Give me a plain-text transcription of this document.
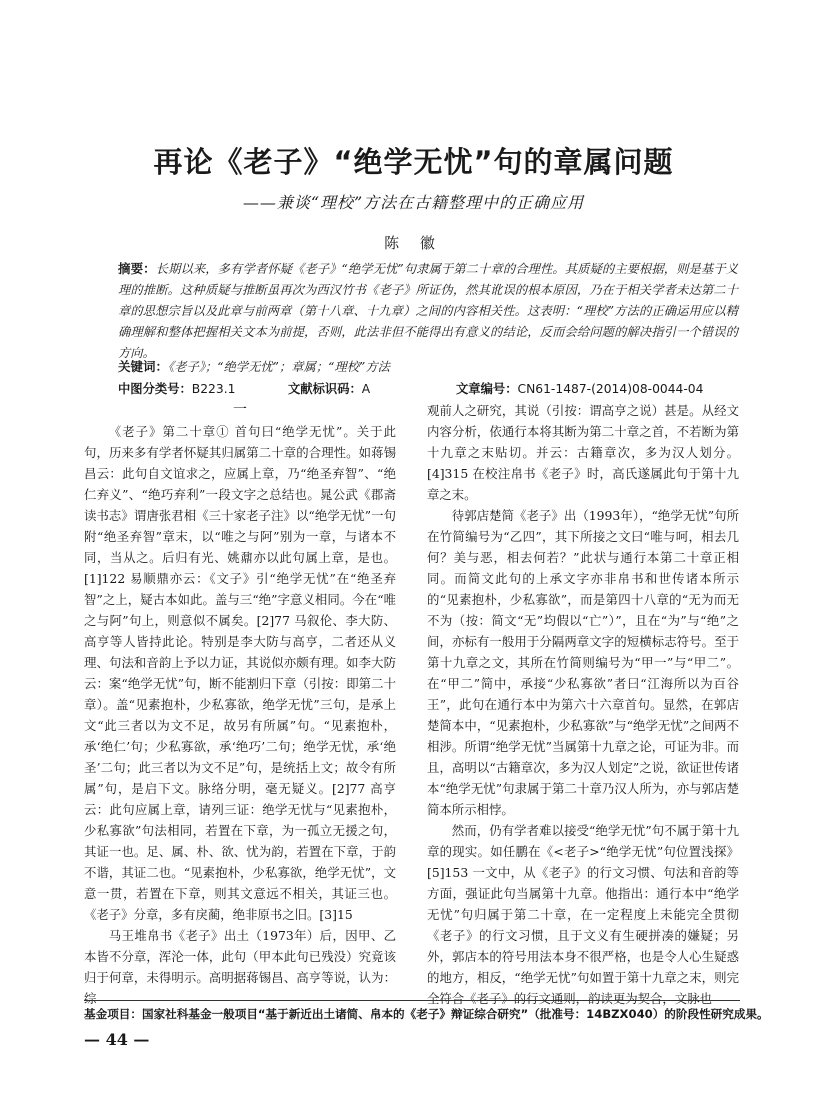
再论《老子》“绝学无忧”句的章属问题
——兼谈“理校”方法在古籍整理中的正确应用
陈 徽
摘要：长期以来，多有学者怀疑《老子》“绝学无忧”句隶属于第二十章的合理性。其质疑的主要根据，则是基于义理的推断。这种质疑与推断虽再次为西汉竹书《老子》所证伪，然其讹误的根本原因，乃在于相关学者未达第二十章的思想宗旨以及此章与前两章（第十八章、十九章）之间的内容相关性。这表明：“理校”方法的正确运用应以精确理解和整体把握相关文本为前提，否则，此法非但不能得出有意义的结论，反而会给问题的解决指引一个错误的方向。
关键词：《老子》；“绝学无忧”；章属；“理校”方法
中图分类号：B223.1	文献标识码：A	文章编号：CN61-1487-(2014)08-0044-04
一

《老子》第二十章① 首句曰“绝学无忧”。关于此句，历来多有学者怀疑其归属第二十章的合理性。如蒋锡昌云：此句自文谊求之，应属上章，乃“绝圣弃智”、“绝仁弃义”、“绝巧弃利”一段文字之总结也。晁公武《郡斋读书志》谓唐张君相《三十家老子注》以“绝学无忧”一句附“绝圣弃智”章末，以“唯之与阿”别为一章，与诸本不同，当从之。后归有光、姚鼐亦以此句属上章，是也。[1]122 易顺鼎亦云：《文子》引“绝学无忧”在“绝圣弃智”之上，疑古本如此。盖与三“绝”字意义相同。今在“唯之与阿”句上，则意似不属矣。[2]77 马叙伦、李大防、高亨等人皆持此论。特别是李大防与高亨，二者还从义理、句法和音韵上予以力证，其说似亦颇有理。如李大防云：案“绝学无忧”句，断不能割归下章（引按：即第二十章）。盖“见素抱朴，少私寡欲，绝学无忧”三句，是承上文“此三者以为文不足，故另有所属”句。“见素抱朴，承‘绝仁’句；少私寡欲，承‘绝巧’二句；绝学无忧，承‘绝圣’二句；此三者以为文不足”句，是统括上文；故令有所属”句，是启下文。脉络分明，毫无疑义。[2]77 高亨云：此句应属上章，请列三证：绝学无忧与“见素抱朴，少私寡欲”句法相同，若置在下章，为一孤立无援之句，其证一也。足、属、朴、欲、忧为韵，若置在下章，于韵不谐，其证二也。“见素抱朴，少私寡欲，绝学无忧”，文意一贯，若置在下章，则其文意远不相关，其证三也。《老子》分章，多有戾蔺，绝非原书之旧。[3]15

马王堆帛书《老子》出土（1973年）后，因甲、乙本皆不分章，浑沦一体，此句（甲本此句已残没）究竟该归于何章，未得明示。高明据蒋锡昌、高亨等说，认为：综

观前人之研究，其说（引按：谓高亨之说）甚是。从经文内容分析，依通行本将其断为第二十章之首，不若断为第十九章之末贴切。并云：古籍章次，多为汉人划分。[4]315 在校注帛书《老子》时，高氏遂属此句于第十九章之末。

待郭店楚简《老子》出（1993年），“绝学无忧”句所在竹简编号为“乙四”，其下所接之文曰“唯与呵，相去几何？美与恶，相去何若？”此状与通行本第二十章正相同。而简文此句的上承文字亦非帛书和世传诸本所示的“见素抱朴，少私寡欲”，而是第四十八章的“无为而无不为（按：简文“无”均假以“亡”）”，且在“为”与“绝”之间，亦标有一般用于分隔两章文字的短横标志符号。至于第十九章之文，其所在竹简则编号为“甲一”与“甲二”。在“甲二”简中，承接“少私寡欲”者曰“江海所以为百谷王”，此句在通行本中为第六十六章首句。显然，在郭店楚简本中，“见素抱朴，少私寡欲”与“绝学无忧”之间两不相涉。所谓“绝学无忧”当属第十九章之论，可证为非。而且，高明以“古籍章次，多为汉人划定”之说，欲证世传诸本“绝学无忧”句隶属于第二十章乃汉人所为，亦与郭店楚简本所示相悖。

然而，仍有学者难以接受“绝学无忧”句不属于第十九章的现实。如任鹏在《<老子>“绝学无忧”句位置浅探》[5]153 一文中，从《老子》的行文习惯、句法和音韵等方面，强证此句当属第十九章。他指出：通行本中“绝学无忧”句归属于第二十章，在一定程度上未能完全贯彻《老子》的行文习惯，且于文义有生硬拼凑的嫌疑；另外，郭店本的符号用法本身不很严格，也是令人心生疑惑的地方，相反，“绝学无忧”句如置于第十九章之末，则完全符合《老子》的行文通则，韵读更为契合，文脉也

基金项目：国家社科基金一般项目“基于新近出土诸简、帛本的《老子》辩证综合研究”（批准号：14BZX040）的阶段性研究成果。
— 44 —
